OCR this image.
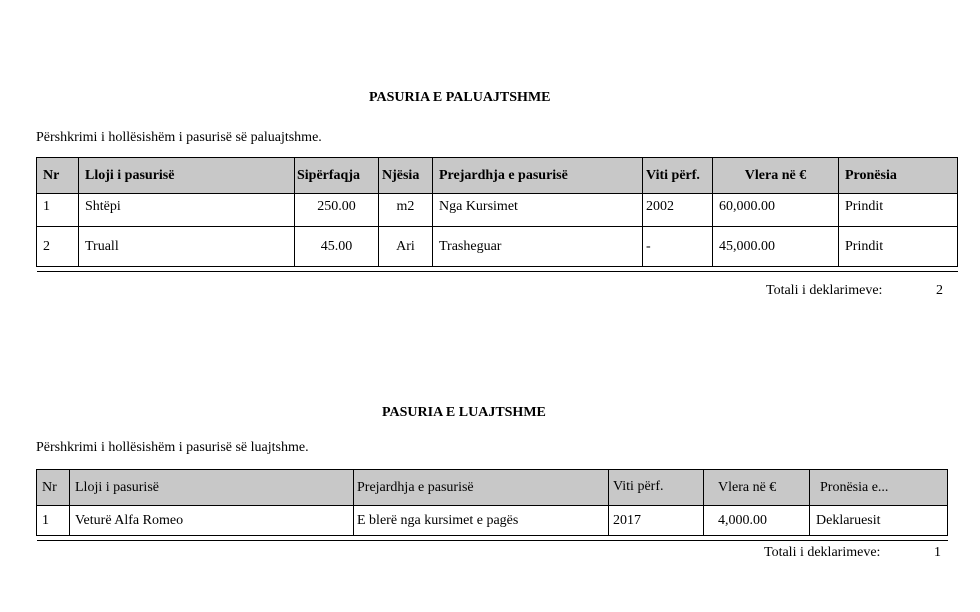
PASURIA E PALUAJTSHME
Përshkrimi i hollësishëm i pasurisë së paluajtshme.
Nr	Lloji i pasurisë	Sipërfaqja	Njësia	Prejardhja e pasurisë	Viti përf.	Vlera në €	Pronësia
1	Shtëpi	250.00	m2	Nga Kursimet	2002	60,000.00	Prindit
2	Truall	45.00	Ari	Trasheguar	-	45,000.00	Prindit

Totali i deklarimeve:	2
PASURIA E LUAJTSHME
Përshkrimi i hollësishëm i pasurisë së luajtshme.
Nr	Lloji i pasurisë	Prejardhja e pasurisë	Viti përf.	Vlera në €	Pronësia e...
1	Veturë Alfa Romeo	E blerë nga kursimet e pagës	2017	4,000.00	Deklaruesit

Totali i deklarimeve:	1
